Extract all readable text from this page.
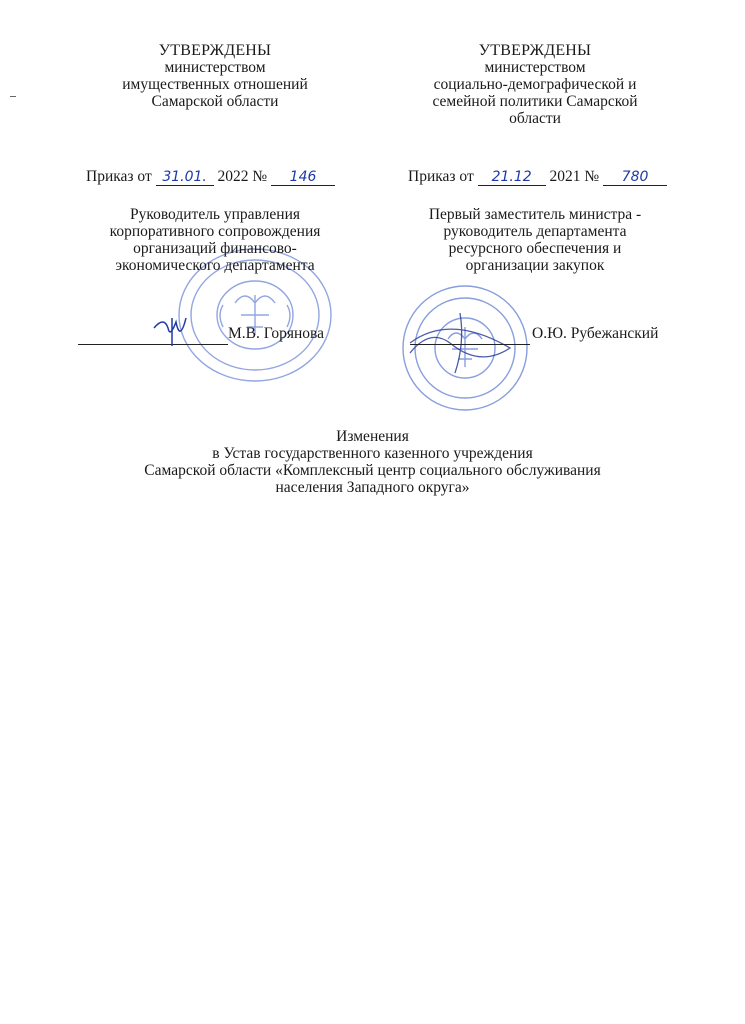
УТВЕРЖДЕНЫ
министерством
имущественных отношений
Самарской области
УТВЕРЖДЕНЫ
министерством
социально-демографической и
семейной политики Самарской
области
Приказ от 31.01. 2022 № 146	Приказ от 21.12 2021 № 780
Руководитель управления
корпоративного сопровождения
организаций финансово-
экономического департамента
Первый заместитель министра -
руководитель департамента
ресурсного обеспечения и
организации закупок
М.В. Горянова	О.Ю. Рубежанский
Изменения
в Устав государственного казенного учреждения
Самарской области «Комплексный центр социального обслуживания
населения Западного округа»
